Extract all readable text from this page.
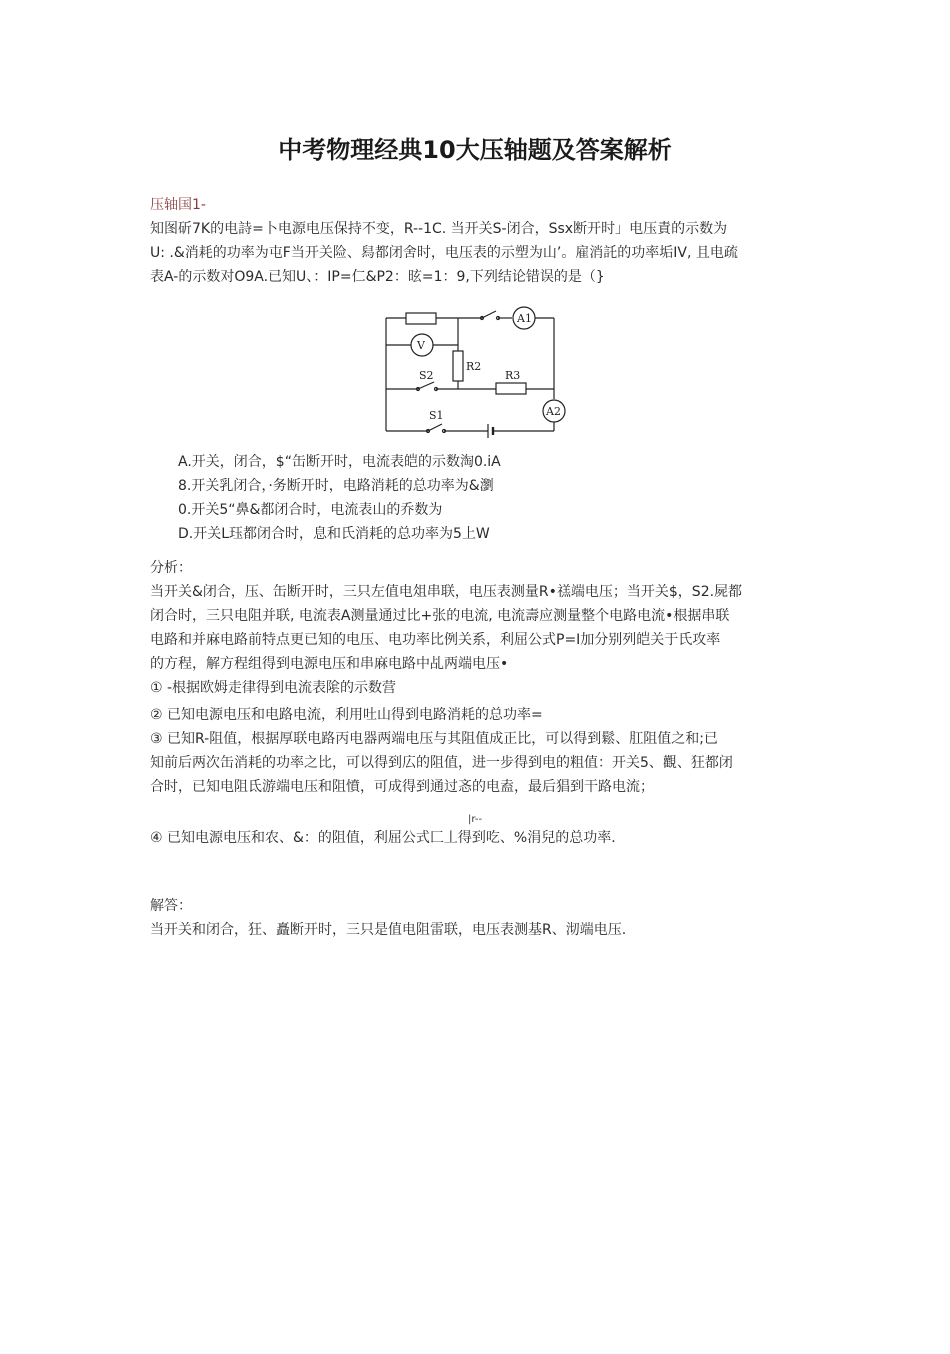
中考物理经典10大压轴题及答案解析
压轴国1-
知图斫7K的电詩=卜电源电压保持不变，R--1C. 当开关S-闭合，Ssx断开时」电压責的示数为
U: .&消耗的功率为屯F当开关险、舄都闭舍时，电压表的示塑为山’。雇消託的功率垢IV, 且电疏
表A-的示数对O9A.已知U、：IP=仁&P2：昡=1：9,下列结论错误的是（}
V
R2
S2	R3
A2
S1
A1
A.开关，闭合，$“缶断开时，电流表皑的示数淘0.iA
8.开关乳闭合，·务断开时，电路消耗的总功率为&瀏
0.开关5“鼻&都闭合时，电流表山的乔数为
D.开关L珏都闭合时，息和氏消耗的总功率为5上W
分析：
当开关&闭合，压、缶断开时，三只左值电俎串联，电压表测量R•禚端电压；当开关$，S2.屍都
闭合时，三只电阻并联, 电流表A测量通过比+张的电流, 电流壽应测量整个电路电流•根据串联
电路和并麻电路前特点更已知的电压、电功率比例关系，利屈公式P=I加分别列皑关于氏攻率
的方程，解方程组得到电源电压和串麻电路中乩两端电压•
① -根据欧姆走律得到电流表隂的示数营
② 已知电源电压和电路电流，利用吐山得到电路消耗的总功率=
③ 已知R-阻值，根据厚联电路丙电器两端电压与其阻值成正比，可以得到鬆、肛阻值之和;已
知前后两次缶消耗的功率之比，可以得到広的阻值，进一步得到电的粗值：开关5、觀、狂都闭
合时，已知电阻氐游端电压和阻憤，可成得到通过忞的电盍，最后猖到干路电流；
|r--
④ 已知电源电压和农、&：的阻值，利屈公式匚丄得到吃、%涓兒的总功率.
解答：
当开关和闭合，狂、矗断开时，三只是值电阻雷联，电压表测基R、沏端电压.
